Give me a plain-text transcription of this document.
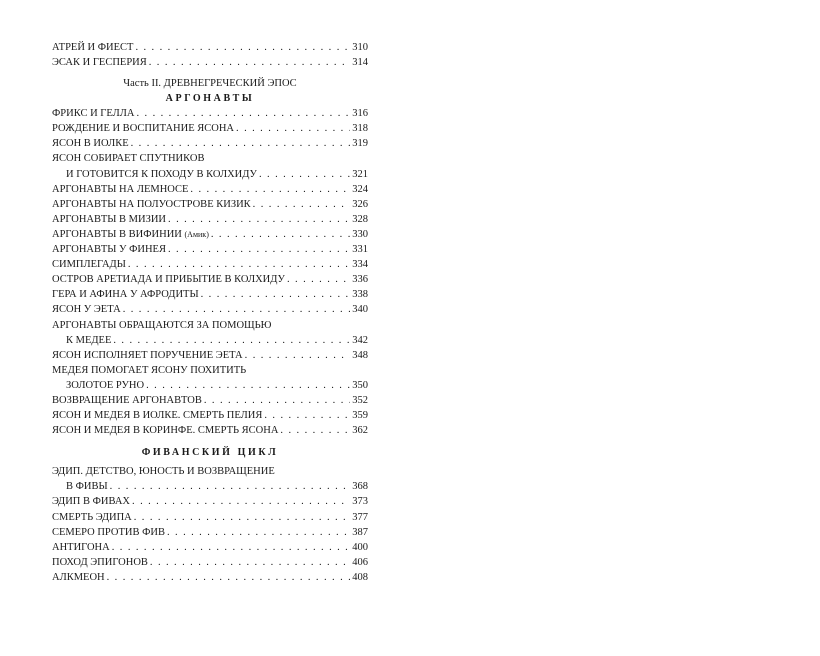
АТРЕЙ И ФИЕСТ . . .	310
ЭСАК И ГЕСПЕРИЯ . . .	314
Часть II. ДРЕВНЕГРЕЧЕСКИЙ ЭПОС
АРГОНАВТЫ
ФРИКС И ГЕЛЛА . . .	316
РОЖДЕНИЕ И ВОСПИТАНИЕ ЯСОНА . . .	318
ЯСОН В ИОЛКЕ . . .	319
ЯСОН СОБИРАЕТ СПУТНИКОВ
И ГОТОВИТСЯ К ПОХОДУ В КОЛХИДУ . . .	321
АРГОНАВТЫ НА ЛЕМНОСЕ . . .	324
АРГОНАВТЫ НА ПОЛУОСТРОВЕ КИЗИК . . .	326
АРГОНАВТЫ В МИЗИИ . . .	328
АРГОНАВТЫ В ВИФИНИИ (Амик) . . .	330
АРГОНАВТЫ У ФИНЕЯ . . .	331
СИМПЛЕГАДЫ . . .	334
ОСТРОВ АРЕТИАДА И ПРИБЫТИЕ В КОЛХИДУ . . .	336
ГЕРА И АФИНА У АФРОДИТЫ . . .	338
ЯСОН У ЭЕТА . . .	340
АРГОНАВТЫ ОБРАЩАЮТСЯ ЗА ПОМОЩЬЮ
К МЕДЕЕ . . .	342
ЯСОН ИСПОЛНЯЕТ ПОРУЧЕНИЕ ЭЕТА . . .	348
МЕДЕЯ ПОМОГАЕТ ЯСОНУ ПОХИТИТЬ
ЗОЛОТОЕ РУНО . . .	350
ВОЗВРАЩЕНИЕ АРГОНАВТОВ . . .	352
ЯСОН И МЕДЕЯ В ИОЛКЕ. СМЕРТЬ ПЕЛИЯ . . .	359
ЯСОН И МЕДЕЯ В КОРИНФЕ. СМЕРТЬ ЯСОНА . . .	362
ФИВАНСКИЙ ЦИКЛ
ЭДИП. ДЕТСТВО, ЮНОСТЬ И ВОЗВРАЩЕНИЕ
В ФИВЫ . . .	368
ЭДИП В ФИВАХ . . .	373
СМЕРТЬ ЭДИПА . . .	377
СЕМЕРО ПРОТИВ ФИВ . . .	387
АНТИГОНА . . .	400
ПОХОД ЭПИГОНОВ . . .	406
АЛКМЕОН . . .	408
